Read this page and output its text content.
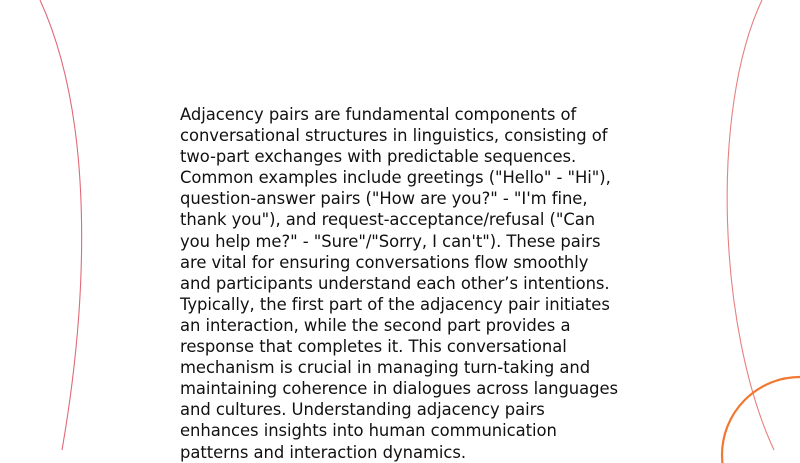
Adjacency pairs are fundamental components of conversational structures in linguistics, consisting of two-part exchanges with predictable sequences. Common examples include greetings ("Hello" - "Hi"), question-answer pairs ("How are you?" - "I'm fine, thank you"), and request-acceptance/refusal ("Can you help me?" - "Sure"/"Sorry, I can't"). These pairs are vital for ensuring conversations flow smoothly and participants understand each other’s intentions. Typically, the first part of the adjacency pair initiates an interaction, while the second part provides a response that completes it. This conversational mechanism is crucial in managing turn-taking and maintaining coherence in dialogues across languages and cultures. Understanding adjacency pairs enhances insights into human communication patterns and interaction dynamics.
